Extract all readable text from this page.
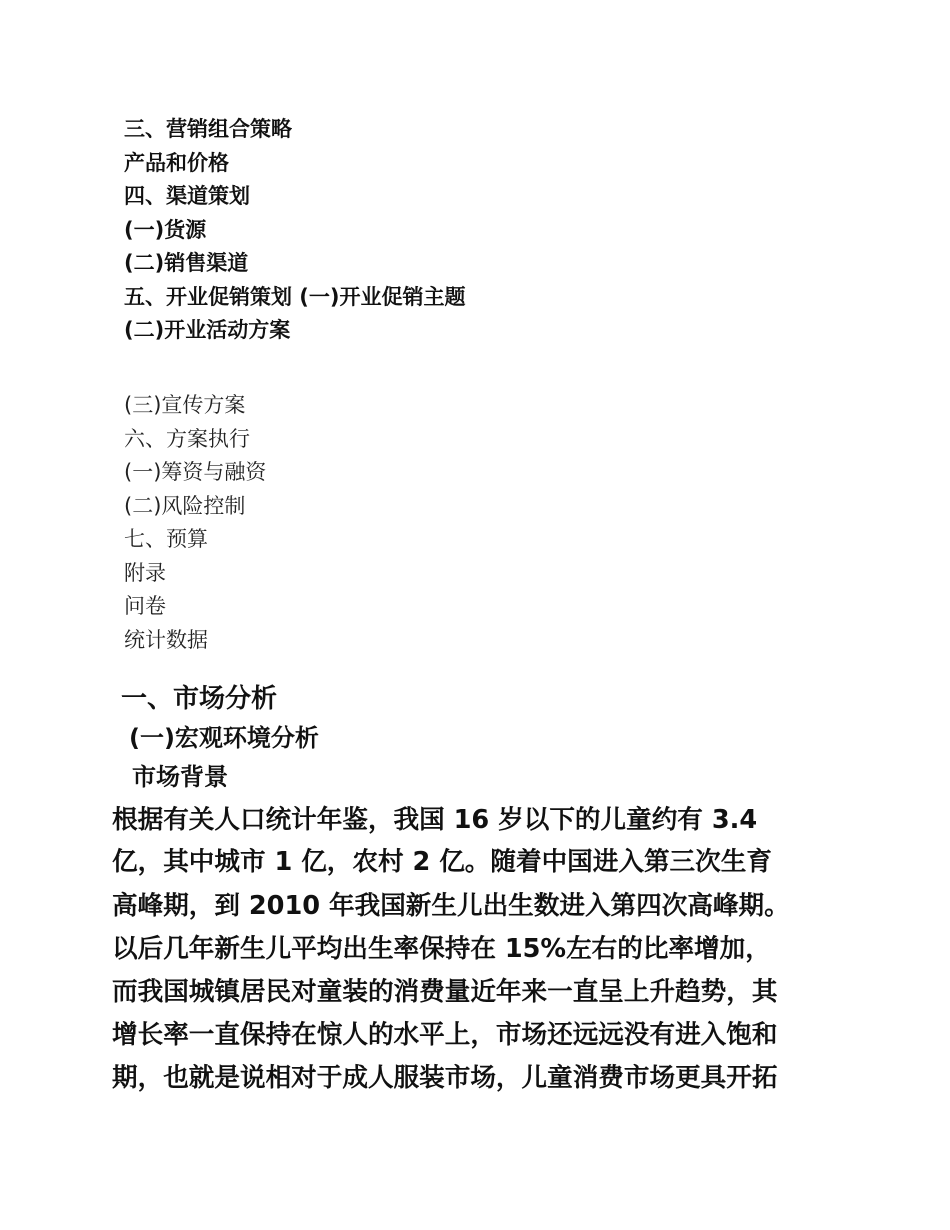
三、营销组合策略
产品和价格
四、渠道策划
(一)货源
(二)销售渠道
五、开业促销策划 (一)开业促销主题
(二)开业活动方案
(三)宣传方案
六、方案执行
(一)筹资与融资
(二)风险控制
七、预算
附录
问卷
统计数据
一、市场分析
(一)宏观环境分析
市场背景
根据有关人口统计年鉴，我国 16 岁以下的儿童约有 3.4
亿，其中城市 1 亿，农村 2 亿。随着中国进入第三次生育
高峰期，到 2010 年我国新生儿出生数进入第四次高峰期。
以后几年新生儿平均出生率保持在 15%左右的比率增加，
而我国城镇居民对童装的消费量近年来一直呈上升趋势，其
增长率一直保持在惊人的水平上，市场还远远没有进入饱和
期，也就是说相对于成人服装市场，儿童消费市场更具开拓
